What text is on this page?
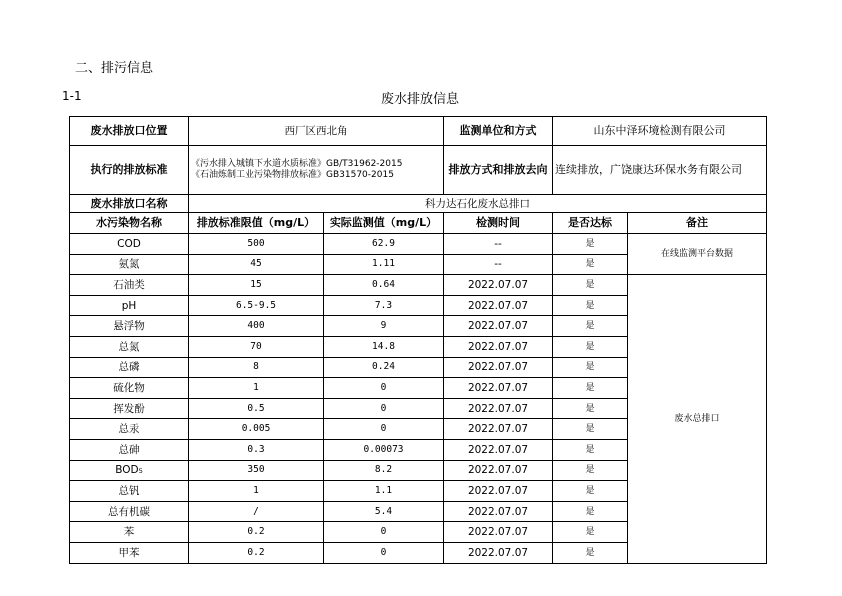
二、排污信息
1-1	废水排放信息
废水排放口位置	西厂区西北角		监测单位和方式	山东中泽环境检测有限公司	
执行的排放标准	《污水排入城镇下水道水质标准》GB/T31962-2015
《石油炼制工业污染物排放标准》GB31570-2015		排放方式和排放去向	连续排放，广饶康达环保水务有限公司	
废水排放口名称	科力达石化废水总排口				
水污染物名称	排放标准限值（mg/L）	实际监测值（mg/L）	检测时间	是否达标	备注
COD	500	62.9	--	是	在线监测平台数据
氨氮	45	1.11	--	是	
石油类	15	0.64	2022.07.07	是	废水总排口
pH	6.5-9.5	7.3	2022.07.07	是	
悬浮物	400	9	2022.07.07	是	
总氮	70	14.8	2022.07.07	是	
总磷	8	0.24	2022.07.07	是	
硫化物	1	0	2022.07.07	是	
挥发酚	0.5	0	2022.07.07	是	
总汞	0.005	0	2022.07.07	是	
总砷	0.3	0.00073	2022.07.07	是	
BOD₅	350	8.2	2022.07.07	是	
总钒	1	1.1	2022.07.07	是	
总有机碳	/	5.4	2022.07.07	是	
苯	0.2	0	2022.07.07	是	
甲苯	0.2	0	2022.07.07	是	
